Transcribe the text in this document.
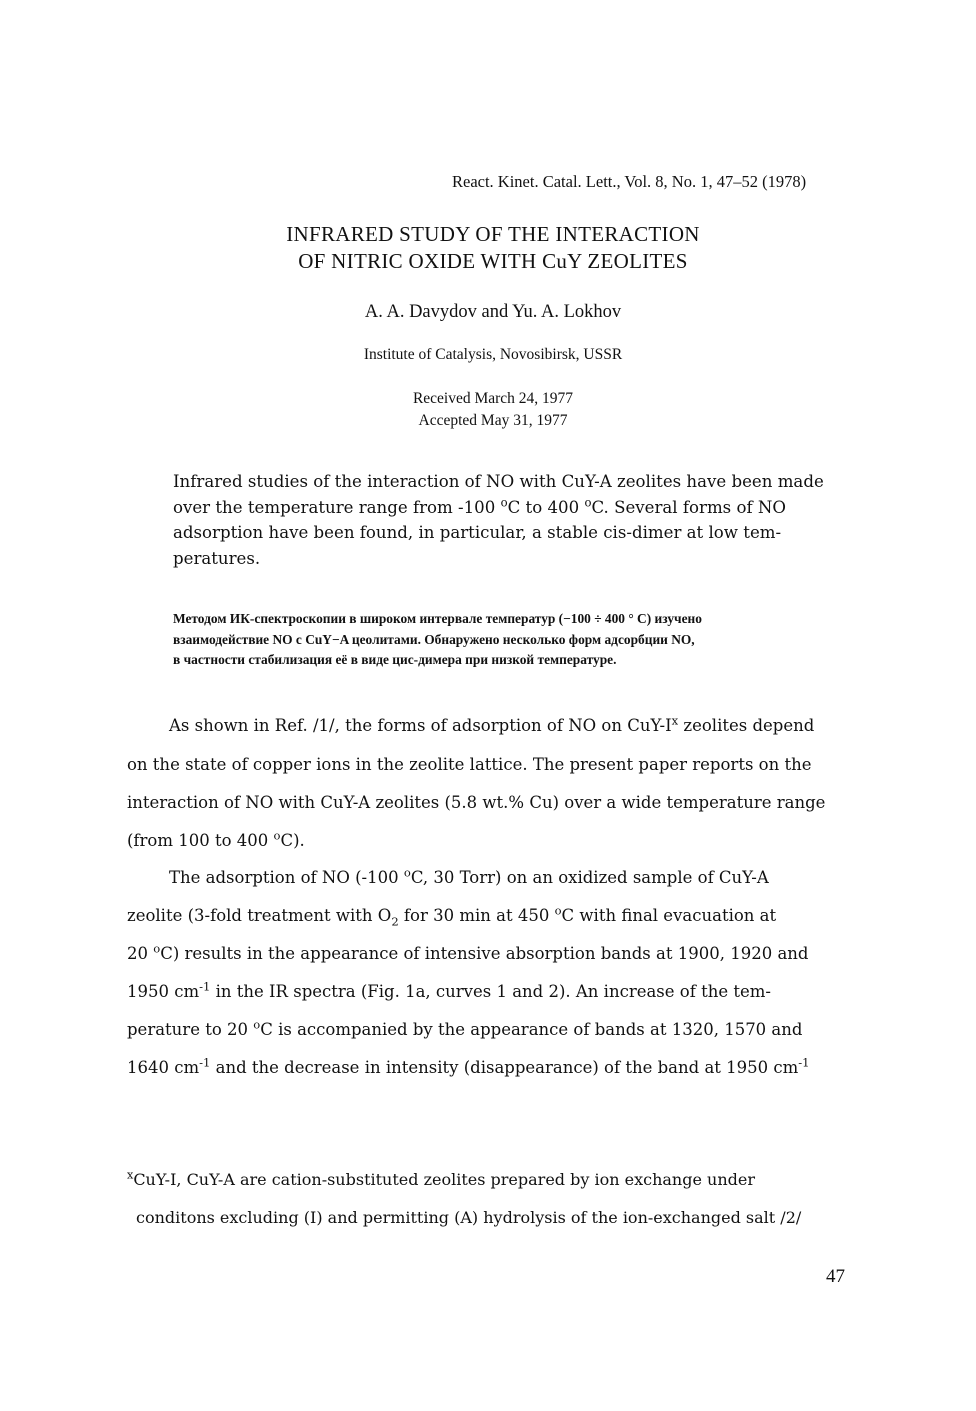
React. Kinet. Catal. Lett., Vol. 8, No. 1, 47–52 (1978)
INFRARED STUDY OF THE INTERACTION
OF NITRIC OXIDE WITH CuY ZEOLITES
A. A. Davydov and Yu. A. Lokhov
Institute of Catalysis, Novosibirsk, USSR
Received March 24, 1977
Accepted May 31, 1977
Infrared studies of the interaction of NO with CuY-A zeolites have been made
over the temperature range from -100 $^o$C to 400 $^o$C. Several forms of NO
adsorption have been found, in particular, a stable cis-dimer at low tem-
peratures.
Методом ИК-спектроскопии в широком интервале температур (−100 ÷ 400 ° С) изучено
взаимодействие NO с CuY−A цеолитами. Обнаружено несколько форм адсорбции NO,
в частности стабилизация её в виде цис-димера при низкой температуре.
As shown in Ref. /1/, the forms of adsorption of NO on CuY-$I^x$ zeolites depend
on the state of copper ions in the zeolite lattice. The present paper reports on the
interaction of NO with CuY-A zeolites (5.8 wt.% Cu) over a wide temperature range
(from 100 to 400 $^o$C).
The adsorption of NO (-100 $^o$C, 30 Torr) on an oxidized sample of CuY-A
zeolite (3-fold treatment with $O_2$ for 30 min at 450 $^o$C with final evacuation at
20 $^o$C) results in the appearance of intensive absorption bands at 1900, 1920 and
1950 $cm^{-1}$ in the IR spectra (Fig. 1a, curves 1 and 2). An increase of the tem-
perature to 20 $^o$C is accompanied by the appearance of bands at 1320, 1570 and
1640 $cm^{-1}$ and the decrease in intensity (disappearance) of the band at 1950 $cm^{-1}$
$^x$CuY-I, CuY-A are cation-substituted zeolites prepared by ion exchange under
conditons excluding (I) and permitting (A) hydrolysis of the ion-exchanged salt /2/
47
